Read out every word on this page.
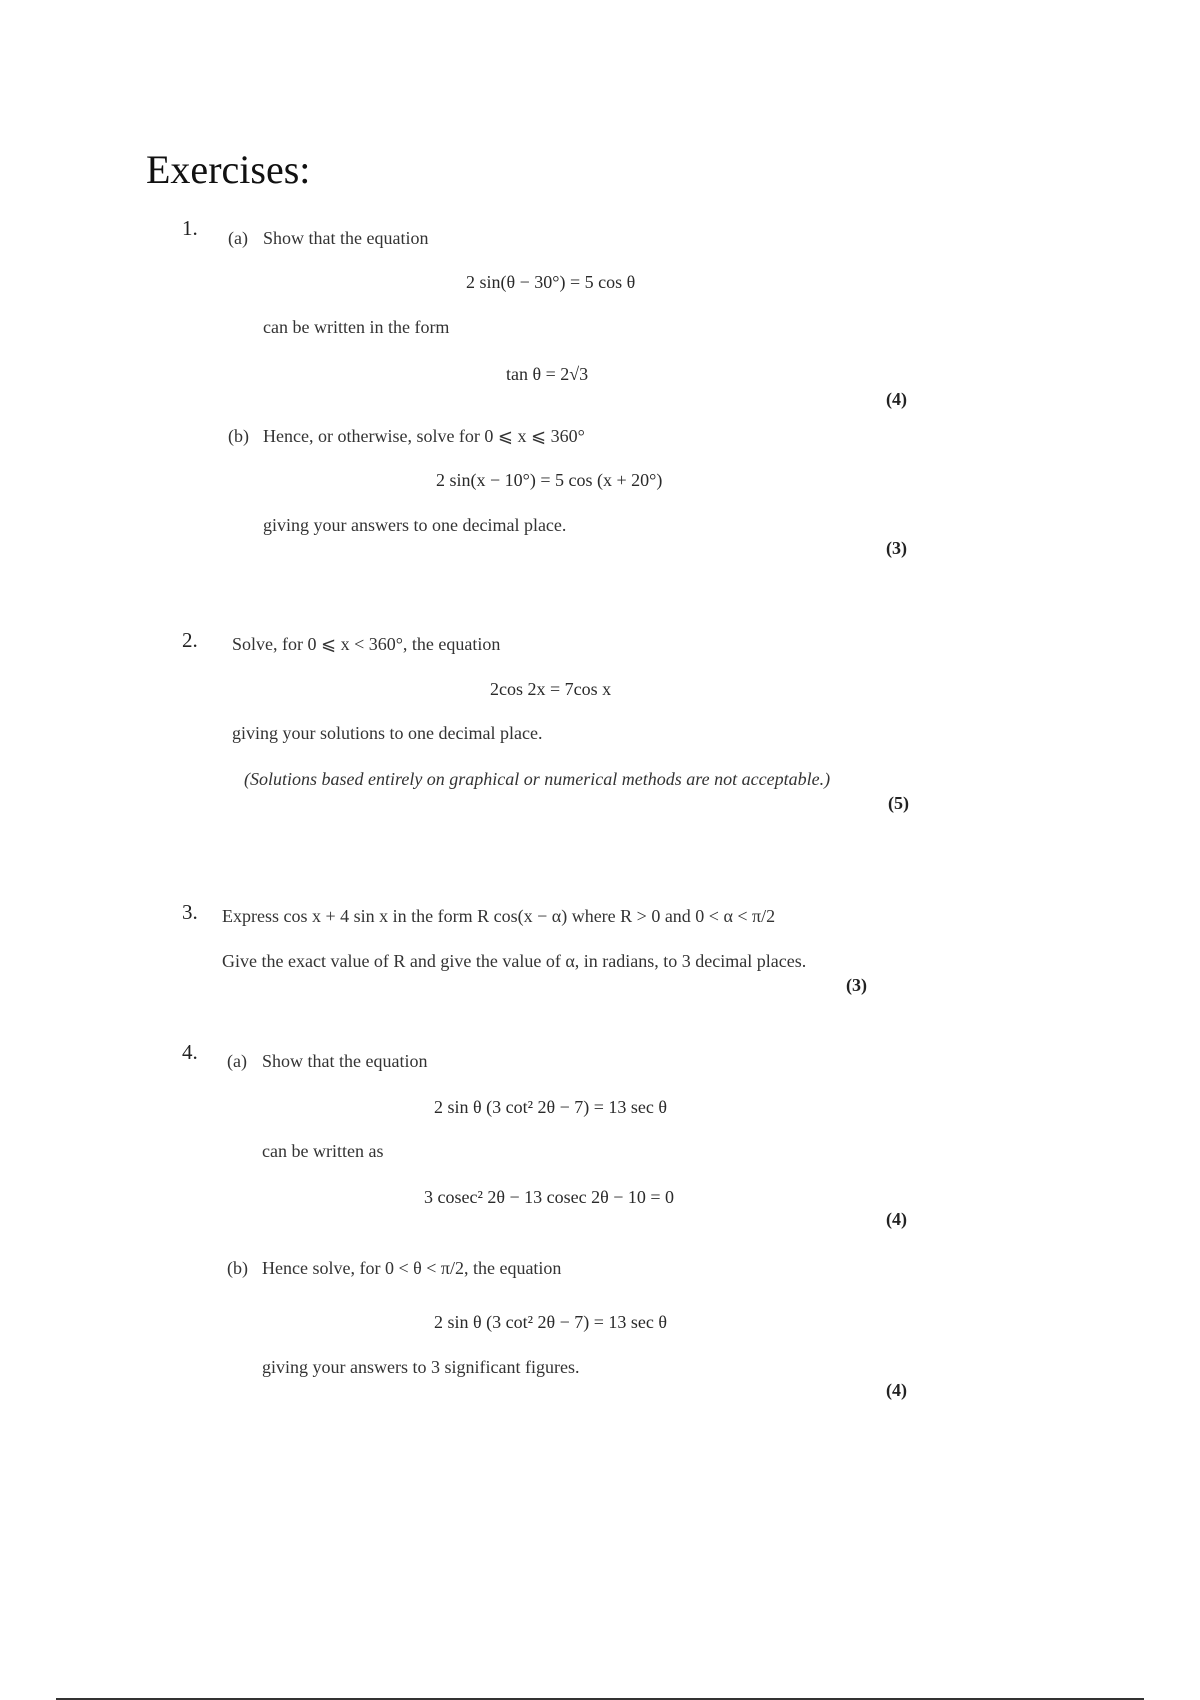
Exercises:
1. (a) Show that the equation
2 sin(θ − 30°) = 5 cos θ
can be written in the form
tan θ = 2√3
(4)
(b) Hence, or otherwise, solve for 0 ⩽ x ⩽ 360°
2 sin(x − 10°) = 5 cos (x + 20°)
giving your answers to one decimal place.
(3)
2. Solve, for 0 ⩽ x < 360°, the equation
2cos 2x = 7cos x
giving your solutions to one decimal place.
(Solutions based entirely on graphical or numerical methods are not acceptable.)
(5)
3. Express cos x + 4 sin x in the form R cos(x − α) where R > 0 and 0 < α < π/2
Give the exact value of R and give the value of α, in radians, to 3 decimal places.
(3)
4. (a) Show that the equation
2 sin θ (3 cot² 2θ − 7) = 13 sec θ
can be written as
3 cosec² 2θ − 13 cosec 2θ − 10 = 0
(4)
(b) Hence solve, for 0 < θ < π/2, the equation
2 sin θ (3 cot² 2θ − 7) = 13 sec θ
giving your answers to 3 significant figures.
(4)
